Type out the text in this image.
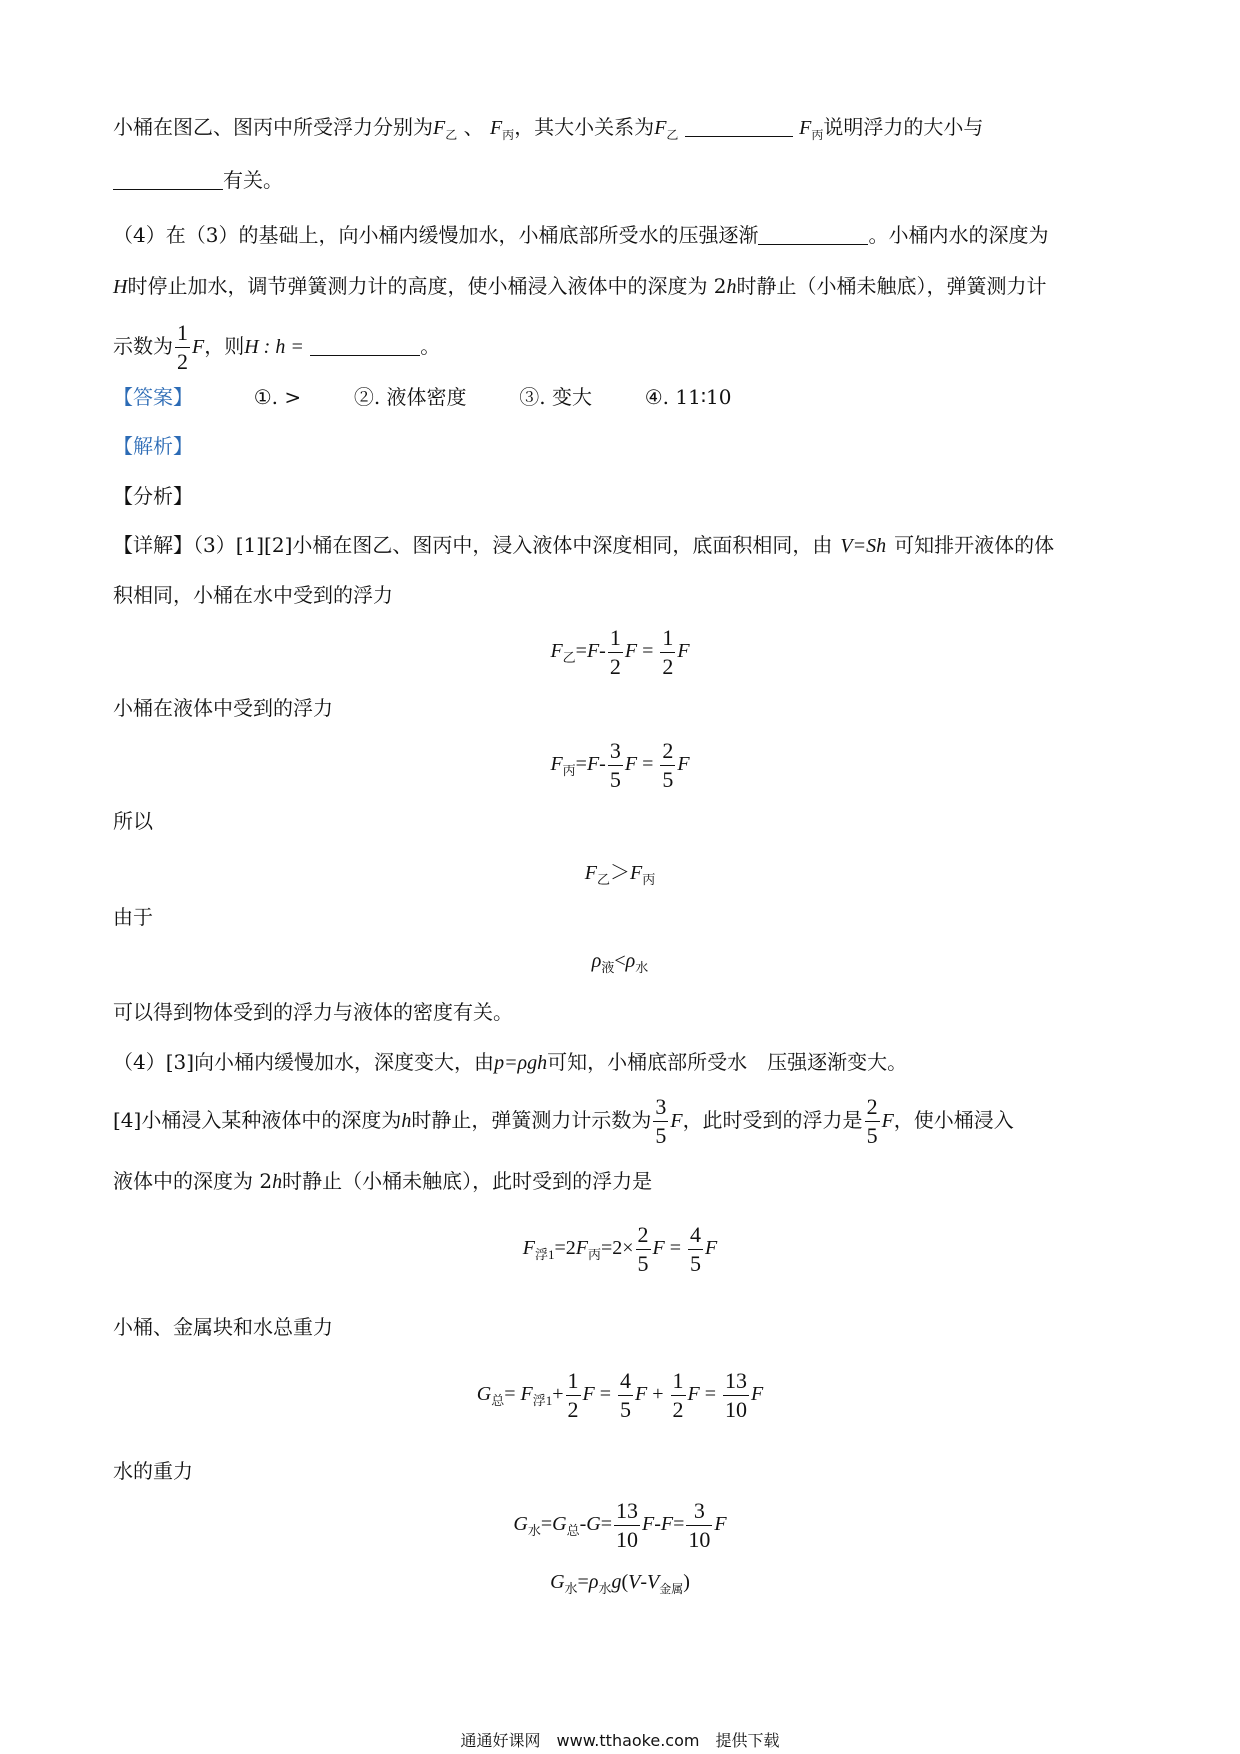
小桶在图乙、图丙中所受浮力分别为$F_乙$ 、 $F_丙$，其大小关系为$F_乙$	$F_丙$说明浮力的大小与
有关。
（4）在（3）的基础上，向小桶内缓慢加水，小桶底部所受水的压强逐渐	。小桶内水的深度为
H时停止加水，调节弹簧测力计的高度，使小桶浸入液体中的深度为 2h时静止（小桶未触底），弹簧测力计
示数为 $\frac{1}{2}$ F，则H : h =	。
【答案】	①. >	②. 液体密度	③. 变大	④. 11∶10
【解析】
【分析】
【详解】（3）[1][2]小桶在图乙、图丙中，浸入液体中深度相同，底面积相同，由 V=Sh 可知排开液体的体
积相同，小桶在水中受到的浮力
$F_乙=F- \frac{1}{2}$ $F = \frac{1}{2}$ F
小桶在液体中受到的浮力
$F_丙=F- \frac{3}{5}$ $F = \frac{2}{5}$ F
所以
$F_乙>F_丙$
由于
$\rho_液<\rho_水$
可以得到物体受到的浮力与液体的密度有关。
（4）[3]向小桶内缓慢加水，深度变大，由p=ρgh可知，小桶底部所受水　压强逐渐变大。
[4]小桶浸入某种液体中的深度为h时静止，弹簧测力计示数为 $\frac{3}{5}$ F，此时受到的浮力是 $\frac{2}{5}$ F，使小桶浸入
液体中的深度为 2h时静止（小桶未触底），此时受到的浮力是
$F_{浮1}=2F_丙=2\times \frac{2}{5}$ $F = \frac{4}{5}$ F
小桶、金属块和水总重力
$G_总= F_{浮1}+ \frac{1}{2}$ $F = \frac{4}{5}$ $F + \frac{1}{2}$ $F = \frac{13}{10}$ F
水的重力
$G_水=G_总-G= \frac{13}{10} F-F= \frac{3}{10}$ F
$G_水=\rho_水g(V-V_{金属})$
通通好课网　www.tthaoke.com　提供下载
